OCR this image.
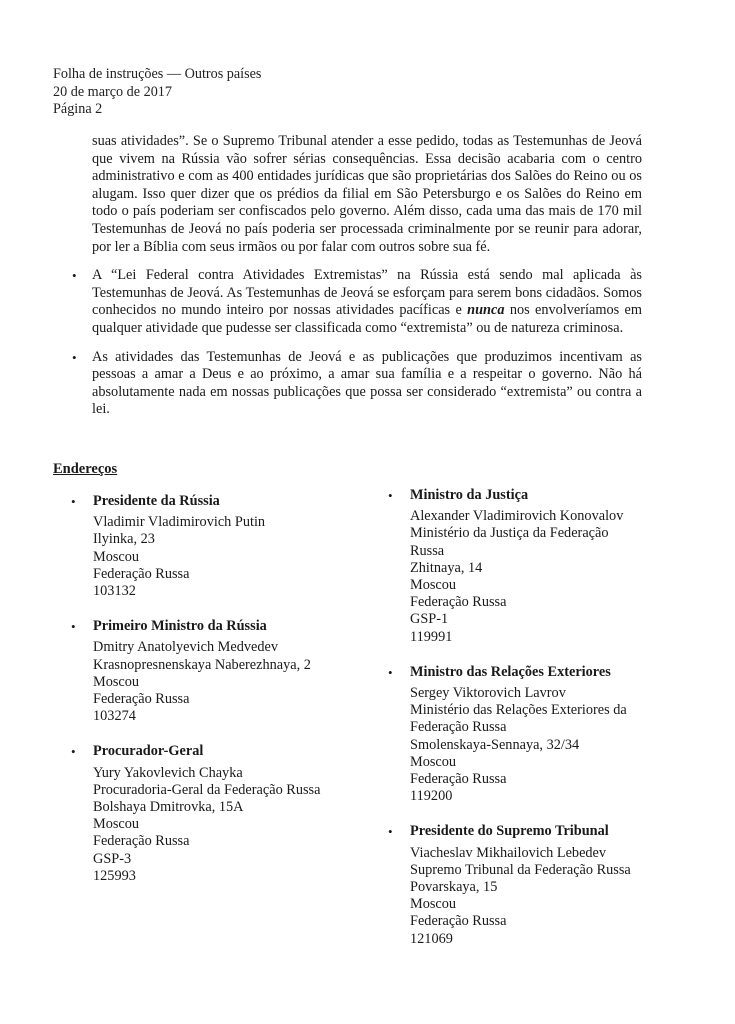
Folha de instruções — Outros países
20 de março de 2017
Página 2

suas atividades”. Se o Supremo Tribunal atender a esse pedido, todas as Testemunhas de Jeová que vivem na Rússia vão sofrer sérias consequências. Essa decisão acabaria com o centro administrativo e com as 400 entidades jurídicas que são proprietárias dos Salões do Reino ou os alugam. Isso quer dizer que os prédios da filial em São Petersburgo e os Salões do Reino em todo o país poderiam ser confiscados pelo governo. Além disso, cada uma das mais de 170 mil Testemunhas de Jeová no país poderia ser processada criminalmente por se reunir para adorar, por ler a Bíblia com seus irmãos ou por falar com outros sobre sua fé.

• A “Lei Federal contra Atividades Extremistas” na Rússia está sendo mal aplicada às Testemunhas de Jeová. As Testemunhas de Jeová se esforçam para serem bons cidadãos. Somos conhecidos no mundo inteiro por nossas atividades pacíficas e nunca nos envolveríamos em qualquer atividade que pudesse ser classificada como “extremista” ou de natureza criminosa.

• As atividades das Testemunhas de Jeová e as publicações que produzimos incentivam as pessoas a amar a Deus e ao próximo, a amar sua família e a respeitar o governo. Não há absolutamente nada em nossas publicações que possa ser considerado “extremista” ou contra a lei.

Endereços
• Presidente da Rússia
Vladimir Vladimirovich Putin
Ilyinka, 23
Moscou
Federação Russa
103132
• Primeiro Ministro da Rússia
Dmitry Anatolyevich Medvedev
Krasnopresnenskaya Naberezhnaya, 2
Moscou
Federação Russa
103274
• Procurador-Geral
Yury Yakovlevich Chayka
Procuradoria-Geral da Federação Russa
Bolshaya Dmitrovka, 15A
Moscou
Federação Russa
GSP-3
125993
• Ministro da Justiça
Alexander Vladimirovich Konovalov
Ministério da Justiça da Federação
Russa
Zhitnaya, 14
Moscou
Federação Russa
GSP-1
119991
• Ministro das Relações Exteriores
Sergey Viktorovich Lavrov
Ministério das Relações Exteriores da
Federação Russa
Smolenskaya-Sennaya, 32/34
Moscou
Federação Russa
119200
• Presidente do Supremo Tribunal
Viacheslav Mikhailovich Lebedev
Supremo Tribunal da Federação Russa
Povarskaya, 15
Moscou
Federação Russa
121069
